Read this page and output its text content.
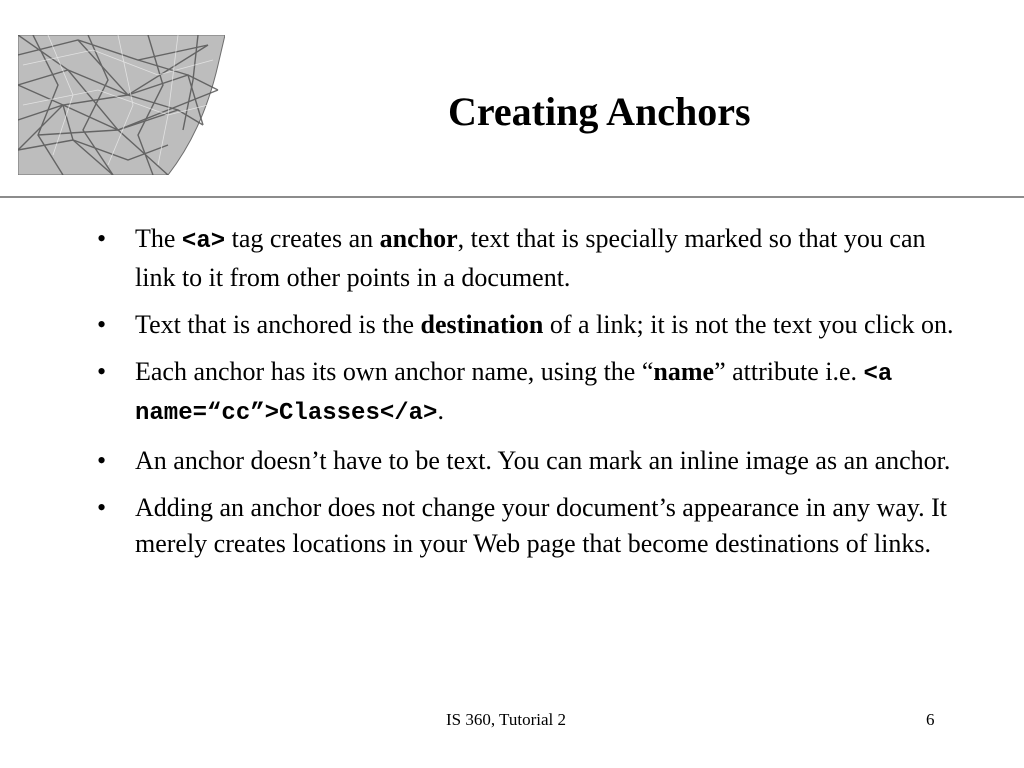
Creating Anchors
•	The <a> tag creates an anchor, text that is specially marked so that you can link to it from other points in a document.
•	Text that is anchored is the destination of a link; it is not the text you click on.
•	Each anchor has its own anchor name, using the “name” attribute i.e. <a name=“cc”>Classes</a>.
•	An anchor doesn’t have to be text. You can mark an inline image as an anchor.
•	Adding an anchor does not change your document’s appearance in any way. It merely creates locations in your Web page that become destinations of links.
IS 360, Tutorial 2	6
